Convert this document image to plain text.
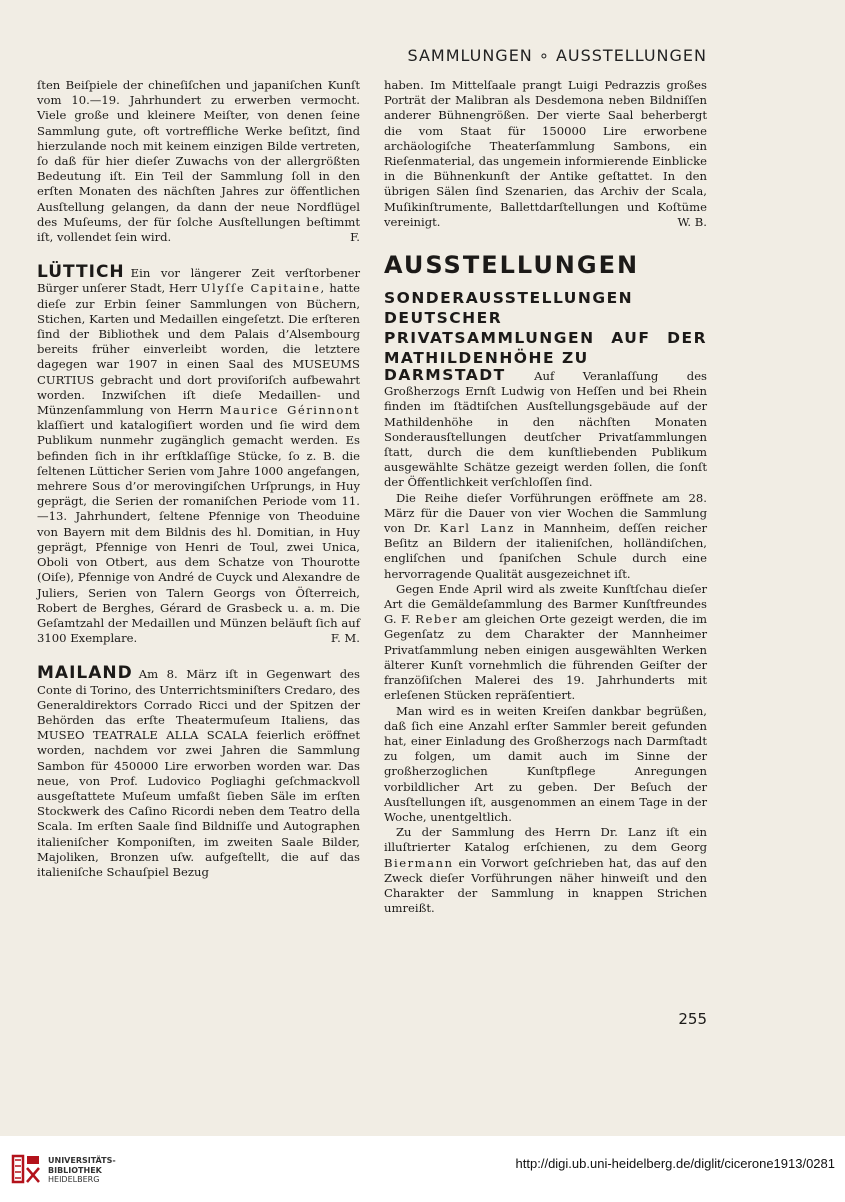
SAMMLUNGEN ∘ AUSSTELLUNGEN

ſten Beiſpiele der chineſiſchen und japaniſchen Kunſt vom 10.—19. Jahrhundert zu erwerben vermocht. Viele große und kleinere Meiſter, von denen ſeine Sammlung gute, oft vortreffliche Werke beſitzt, ſind hierzulande noch mit keinem einzigen Bilde vertreten, ſo daß für hier dieſer Zuwachs von der allergrößten Bedeutung iſt. Ein Teil der Sammlung ſoll in den erſten Monaten des nächſten Jahres zur öffentlichen Ausſtellung gelangen, da dann der neue Nordflügel des Muſeums, der für ſolche Ausſtellungen beſtimmt iſt, vollendet ſein wird.	F.

LÜTTICH Ein vor längerer Zeit verſtorbener Bürger unſerer Stadt, Herr Ulyſſe Capitaine, hatte dieſe zur Erbin ſeiner Sammlungen von Büchern, Stichen, Karten und Medaillen eingeſetzt. Die erſteren ſind der Bibliothek und dem Palais d’Alsembourg bereits früher einverleibt worden, die letztere dagegen war 1907 in einen Saal des MUSEUMS CURTIUS gebracht und dort proviſoriſch aufbewahrt worden. Inzwiſchen iſt dieſe Medaillen- und Münzenſammlung von Herrn Maurice Gérinnont klaſſiert und katalogiſiert worden und ſie wird dem Publikum nunmehr zugänglich gemacht werden. Es befinden ſich in ihr erſtklaſſige Stücke, ſo z. B. die ſeltenen Lütticher Serien vom Jahre 1000 angefangen, mehrere Sous d’or merovingiſchen Urſprungs, in Huy geprägt, die Serien der romaniſchen Periode vom 11.—13. Jahrhundert, ſeltene Pfennige von Theoduine von Bayern mit dem Bildnis des hl. Domitian, in Huy geprägt, Pfennige von Henri de Toul, zwei Unica, Oboli von Otbert, aus dem Schatze von Thourotte (Oiſe), Pfennige von André de Cuyck und Alexandre de Juliers, Serien von Talern Georgs von Öſterreich, Robert de Berghes, Gérard de Grasbeck u. a. m. Die Geſamtzahl der Medaillen und Münzen beläuft ſich auf 3100 Exemplare.	F. M.

MAILAND Am 8. März iſt in Gegenwart des Conte di Torino, des Unterrichtsminiſters Credaro, des Generaldirektors Corrado Ricci und der Spitzen der Behörden das erſte Theatermuſeum Italiens, das MUSEO TEATRALE ALLA SCALA feierlich eröffnet worden, nachdem vor zwei Jahren die Sammlung Sambon für 450000 Lire erworben worden war. Das neue, von Prof. Ludovico Pogliaghi geſchmackvoll ausgeſtattete Muſeum umfaßt ſieben Säle im erſten Stockwerk des Caſino Ricordi neben dem Teatro della Scala. Im erſten Saale ſind Bildniſſe und Autographen italieniſcher Komponiſten, im zweiten Saale Bilder, Majoliken, Bronzen uſw. aufgeſtellt, die auf das italieniſche Schauſpiel Bezug

haben. Im Mittelſaale prangt Luigi Pedrazzis großes Porträt der Malibran als Desdemona neben Bildniſſen anderer Bühnengrößen. Der vierte Saal beherbergt die vom Staat für 150000 Lire erworbene archäologiſche Theaterſammlung Sambons, ein Rieſenmaterial, das ungemein informierende Einblicke in die Bühnenkunſt der Antike geſtattet. In den übrigen Sälen ſind Szenarien, das Archiv der Scala, Muſikinſtrumente, Ballettdarſtellungen und Koſtüme vereinigt.	W. B.

AUSSTELLUNGEN
SONDERAUSSTELLUNGEN DEUTSCHER PRIVATSAMMLUNGEN AUF DER MATHILDENHÖHE ZU

DARMSTADT Auf Veranlaſſung des Großherzogs Ernſt Ludwig von Heſſen und bei Rhein finden im ſtädtiſchen Ausſtellungsgebäude auf der Mathildenhöhe in den nächſten Monaten Sonderausſtellungen deutſcher Privatſammlungen ſtatt, durch die dem kunſtliebenden Publikum ausgewählte Schätze gezeigt werden ſollen, die ſonſt der Öffentlichkeit verſchloſſen ſind.

Die Reihe dieſer Vorführungen eröffnete am 28. März für die Dauer von vier Wochen die Sammlung von Dr. Karl Lanz in Mannheim, deſſen reicher Beſitz an Bildern der italieniſchen, holländiſchen, engliſchen und ſpaniſchen Schule durch eine hervorragende Qualität ausgezeichnet iſt.

Gegen Ende April wird als zweite Kunſtſchau dieſer Art die Gemäldeſammlung des Barmer Kunſtfreundes G. F. Reber am gleichen Orte gezeigt werden, die im Gegenſatz zu dem Charakter der Mannheimer Privatſammlung neben einigen ausgewählten Werken älterer Kunſt vornehmlich die führenden Geiſter der franzöſiſchen Malerei des 19. Jahrhunderts mit erleſenen Stücken repräſentiert.

Man wird es in weiten Kreiſen dankbar begrüßen, daß ſich eine Anzahl erſter Sammler bereit gefunden hat, einer Einladung des Großherzogs nach Darmſtadt zu folgen, um damit auch im Sinne der großherzoglichen Kunſtpflege Anregungen vorbildlicher Art zu geben. Der Beſuch der Ausſtellungen iſt, ausgenommen an einem Tage in der Woche, unentgeltlich.

Zu der Sammlung des Herrn Dr. Lanz iſt ein illuſtrierter Katalog erſchienen, zu dem Georg Biermann ein Vorwort geſchrieben hat, das auf den Zweck dieſer Vorführungen näher hinweiſt und den Charakter der Sammlung in knappen Strichen umreißt.

255
UNIVERSITÄTS-
BIBLIOTHEK
HEIDELBERG
http://digi.ub.uni-heidelberg.de/diglit/cicerone1913/0281
